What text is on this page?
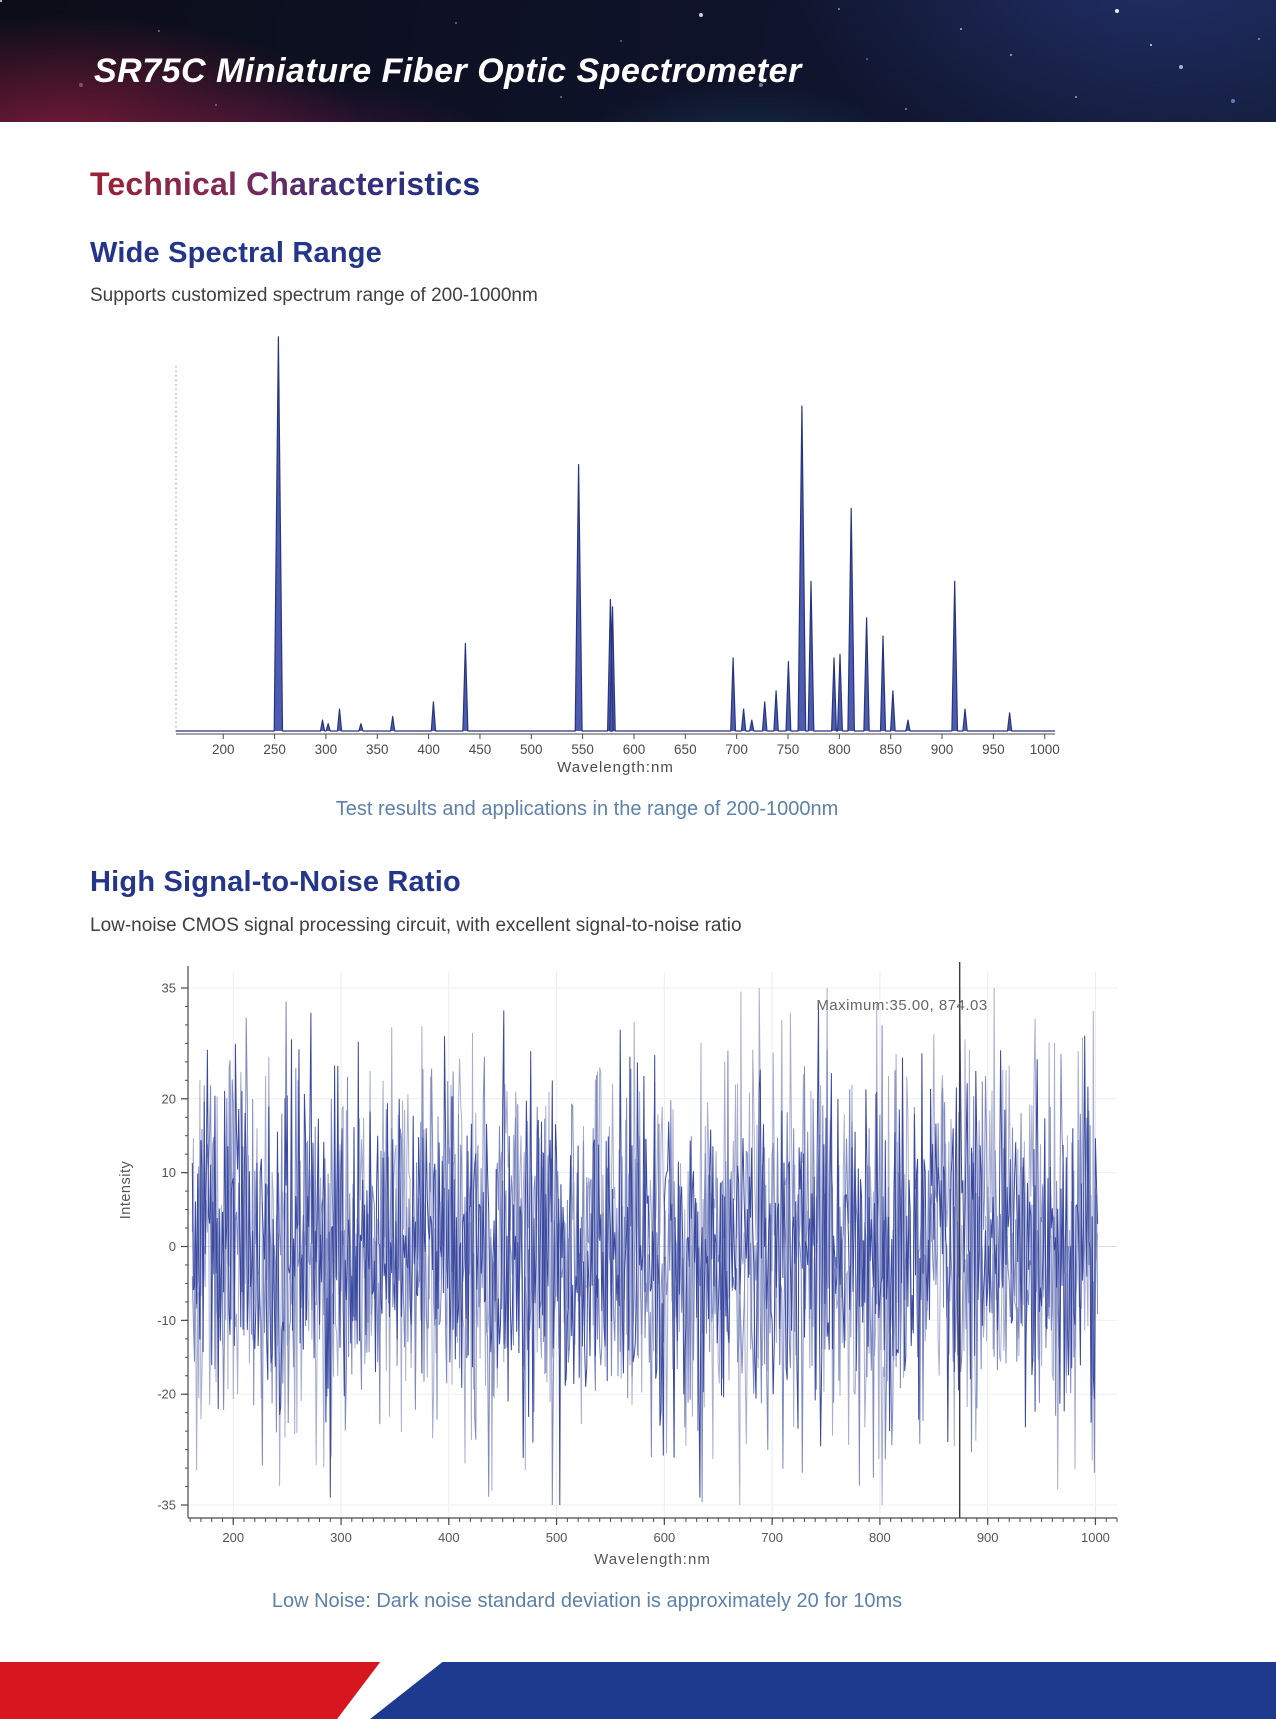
SR75C Miniature Fiber Optic Spectrometer
Technical Characteristics
Wide Spectral Range
Supports customized spectrum range of 200-1000nm
200 250 300 350 400 450 500 550 600 650 700 750 800 850 900 950 1000
Wavelength:nm
Test results and applications in the range of 200-1000nm
High Signal-to-Noise Ratio
Low-noise CMOS signal processing circuit, with excellent signal-to-noise ratio
Maximum:35.00, 874.03
35
20
10
0
-10
-20
-35
200	300	400	500	600	700	800	900	1000
Wavelength:nm
Intensity
Low Noise: Dark noise standard deviation is approximately 20 for 10ms
